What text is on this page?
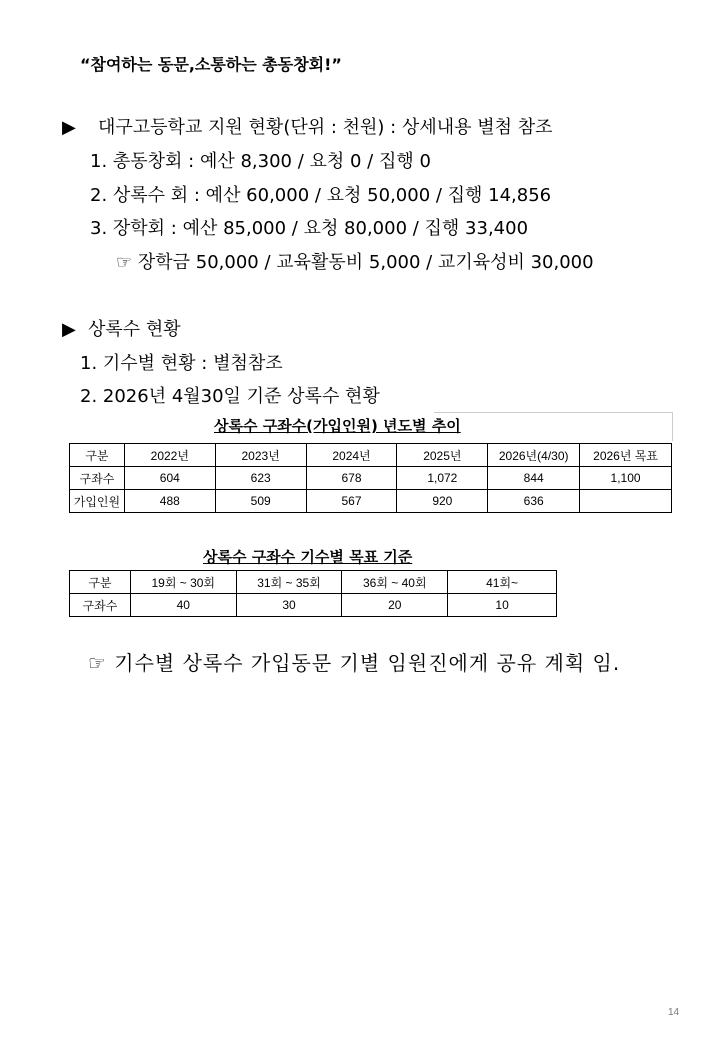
“참여하는 동문,소통하는 총동창회!”
▶ 대구고등학교 지원 현황(단위 : 천원) : 상세내용 별첨 참조
1. 총동창회 : 예산 8,300 / 요청 0 / 집행 0
2. 상록수 회 : 예산 60,000 / 요청 50,000 / 집행 14,856
3. 장학회 : 예산 85,000 / 요청 80,000 / 집행 33,400
☞ 장학금 50,000 / 교육활동비 5,000 / 교기육성비 30,000
▶ 상록수 현황
1. 기수별 현황 : 별첨참조
2. 2026년 4월30일 기준 상록수 현황
상록수 구좌수(가입인원) 년도별 추이
구분	2022년	2023년	2024년	2025년	2026년(4/30)	2026년 목표
구좌수	604	623	678	1,072	844	1,100
가입인원	488	509	567	920	636	
상록수 구좌수 기수별 목표 기준
구분	19회 ~ 30회	31회 ~ 35회	36회 ~ 40회	41회~
구좌수	40	30	20	10
☞ 기수별 상록수 가입동문 기별 임원진에게 공유 계획 임.
14
